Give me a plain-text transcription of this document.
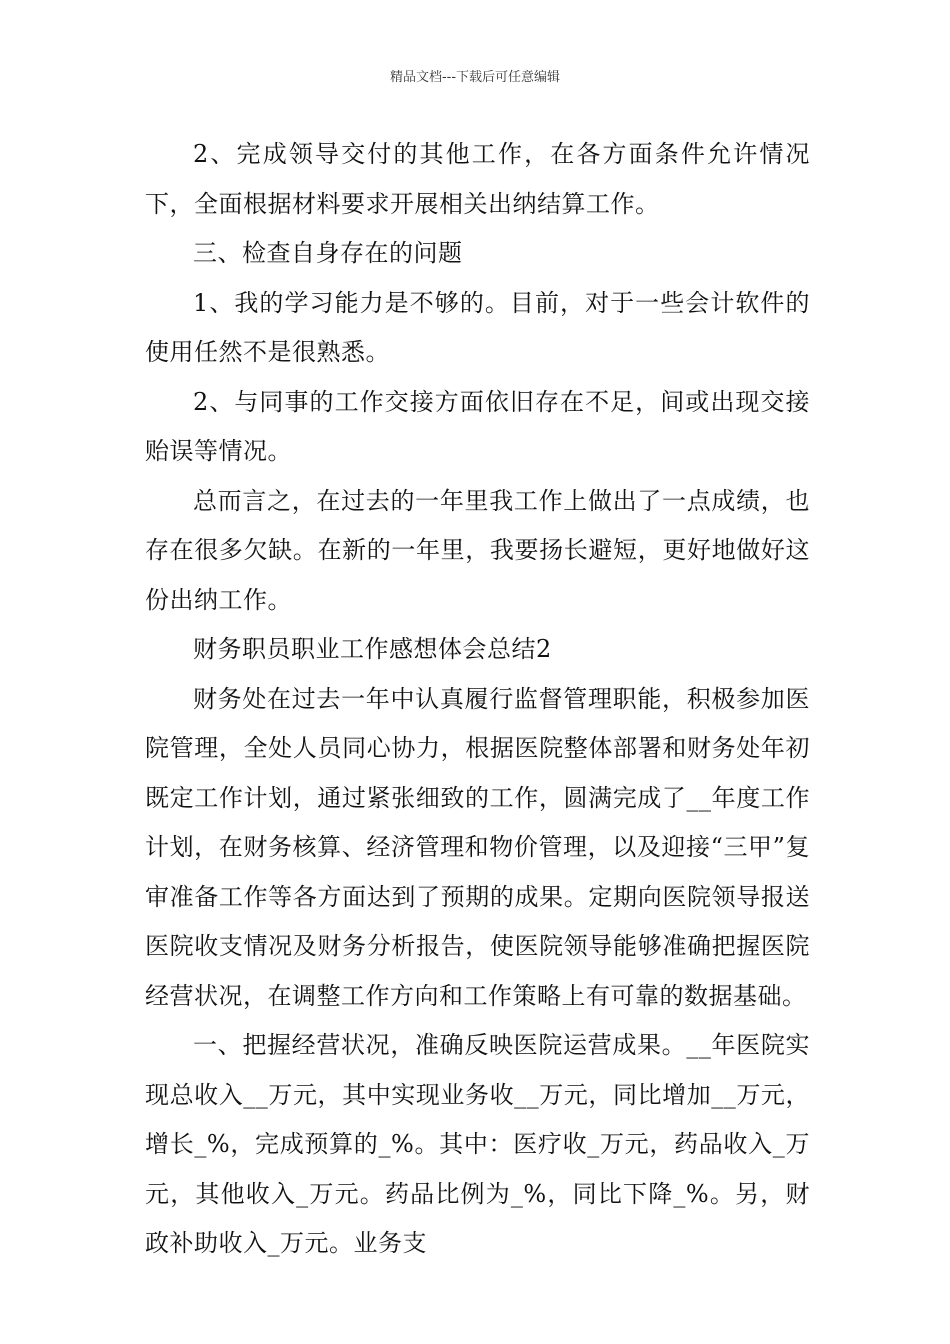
精品文档---下载后可任意编辑

2、完成领导交付的其他工作，在各方面条件允许情况下，全面根据材料要求开展相关出纳结算工作。

三、检查自身存在的问题

1、我的学习能力是不够的。目前，对于一些会计软件的使用任然不是很熟悉。

2、与同事的工作交接方面依旧存在不足，间或出现交接贻误等情况。

总而言之，在过去的一年里我工作上做出了一点成绩，也存在很多欠缺。在新的一年里，我要扬长避短，更好地做好这份出纳工作。

财务职员职业工作感想体会总结2

财务处在过去一年中认真履行监督管理职能，积极参加医院管理，全处人员同心协力，根据医院整体部署和财务处年初既定工作计划，通过紧张细致的工作，圆满完成了__年度工作计划，在财务核算、经济管理和物价管理，以及迎接“三甲”复审准备工作等各方面达到了预期的成果。定期向医院领导报送医院收支情况及财务分析报告，使医院领导能够准确把握医院经营状况，在调整工作方向和工作策略上有可靠的数据基础。

一、把握经营状况，准确反映医院运营成果。__年医院实现总收入__万元，其中实现业务收__万元，同比增加__万元，增长_%，完成预算的_%。其中：医疗收_万元，药品收入_万元，其他收入_万元。药品比例为_%，同比下降_%。另，财政补助收入_万元。业务支
